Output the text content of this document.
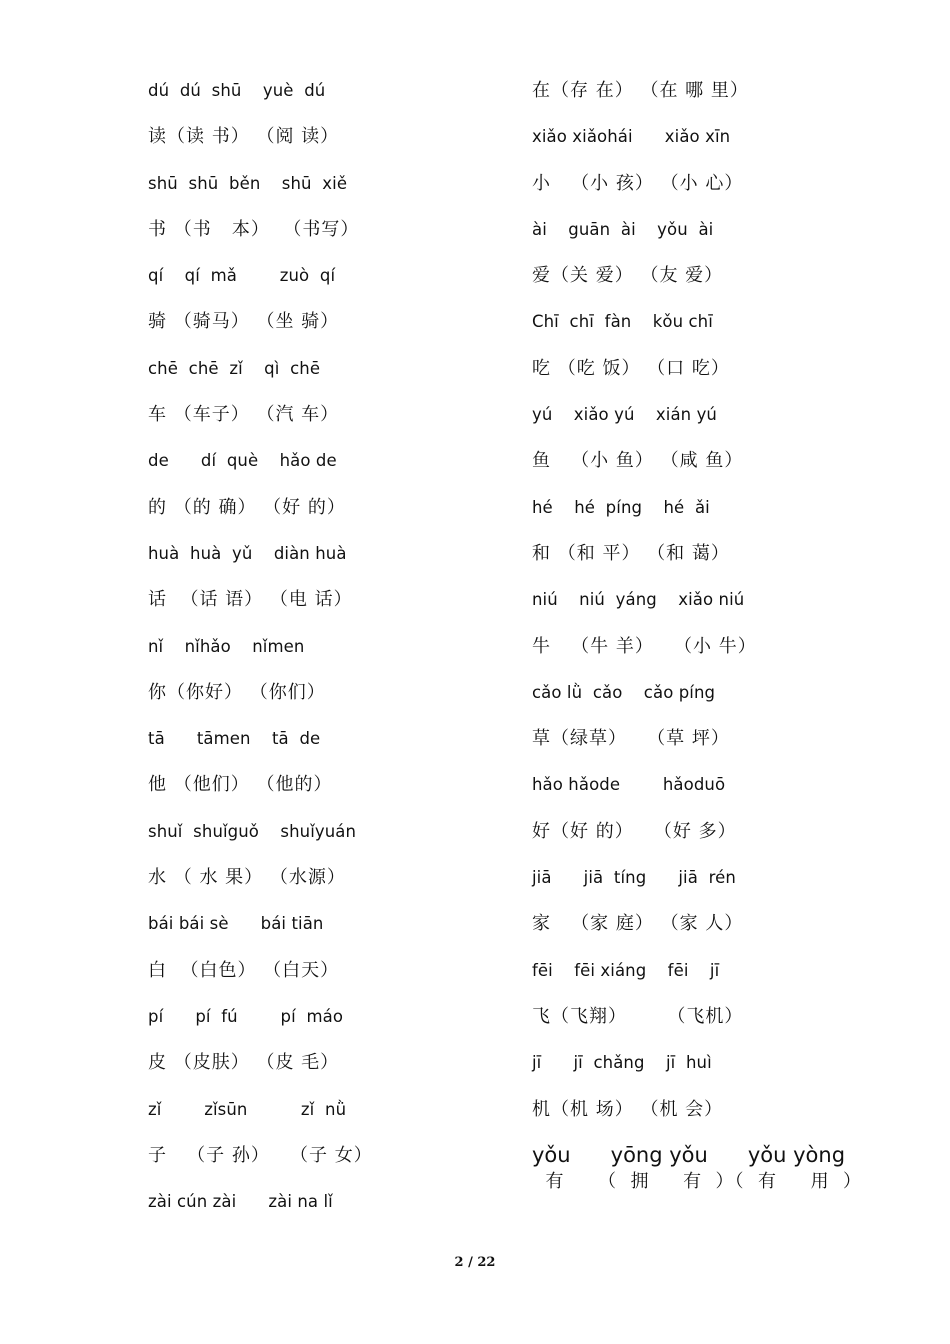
dú  dú  shū    yuè  dú
读（读 书） （阅 读）
shū  shū  běn    shū  xiě
书 （书   本）  （书写）
qí    qí  mǎ        zuò  qí
骑 （骑马） （坐 骑）
chē  chē  zǐ    qì  chē
车 （车子） （汽 车）
de      dí  què    hǎo de
的 （的 确） （好 的）
huà  huà  yǔ    diàn huà
话  （话 语） （电 话）
nǐ    nǐhǎo    nǐmen
你（你好） （你们）
tā      tāmen    tā  de
他 （他们） （他的）
shuǐ  shuǐguǒ    shuǐyuán
水 （ 水 果） （水源）
bái bái sè      bái tiān
白  （白色） （白天）
pí      pí  fú        pí  máo
皮 （皮肤） （皮 毛）
zǐ        zǐsūn          zǐ  nǜ
子   （子 孙）   （子 女）
zài cún zài      zài na lǐ
在（存 在） （在 哪 里）
xiǎo xiǎohái      xiǎo xīn
小   （小 孩） （小 心）
ài    guān  ài    yǒu  ài
爱（关 爱） （友 爱）
Chī  chī  fàn    kǒu chī
吃 （吃 饭） （口 吃）
yú    xiǎo yú    xián yú
鱼   （小 鱼） （咸 鱼）
hé    hé  píng    hé  ǎi
和 （和 平） （和 蔼）
niú    niú  yáng    xiǎo niú
牛   （牛 羊）   （小 牛）
cǎo lǜ  cǎo    cǎo píng
草（绿草）   （草 坪）
hǎo hǎode        hǎoduō
好（好 的）   （好 多）
jiā      jiā  tíng      jiā  rén
家   （家 庭） （家 人）
fēi    fēi xiáng    fēi    jī
飞（飞翔）      （飞机）
jī      jī  chǎng    jī  huì
机（机 场） （机 会）
yǒu      yōng yǒu      yǒu yòng
有     （  拥     有  ）（  有     用  ）
2 / 22
